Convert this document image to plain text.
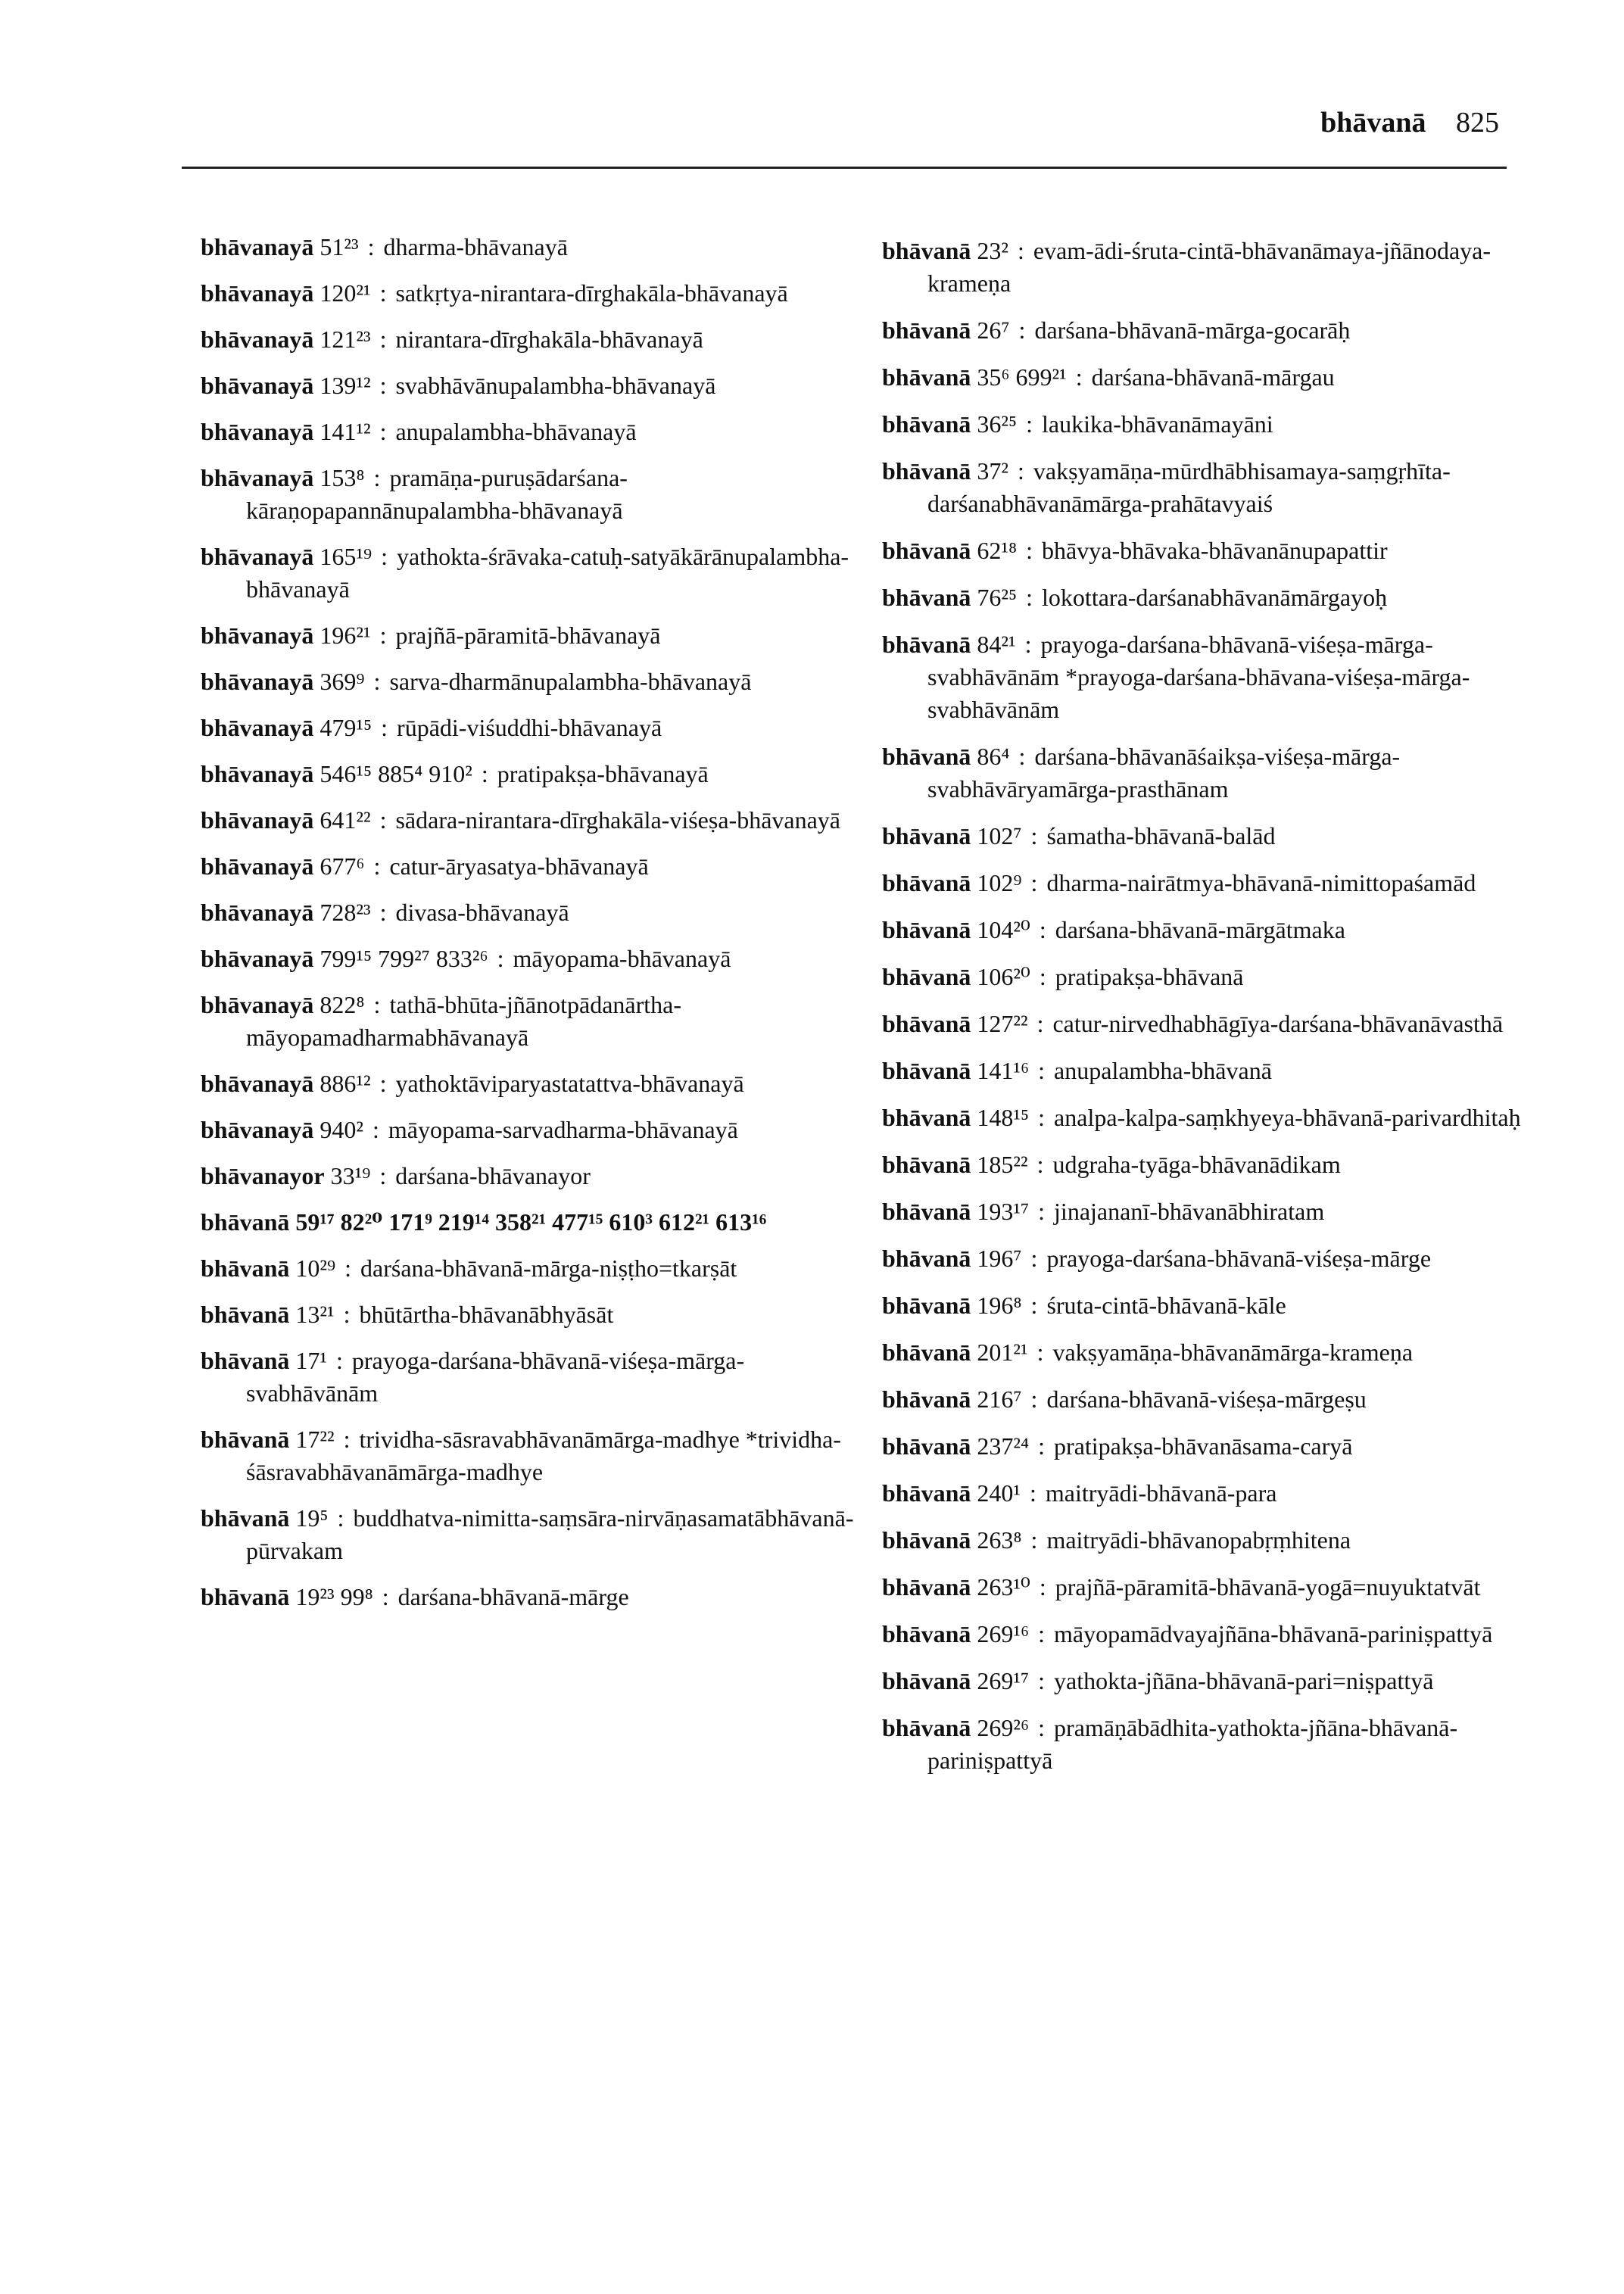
bhāvanā 825
bhāvanayā 51²³ : dharma-bhāvanayā
bhāvanayā 120²¹ : satkṛtya-nirantara-dīrghakāla-bhāvanayā
bhāvanayā 121²³ : nirantara-dīrghakāla-bhāvanayā
bhāvanayā 139¹² : svabhāvānupalambha-bhāvanayā
bhāvanayā 141¹² : anupalambha-bhāvanayā
bhāvanayā 153⁸ : pramāṇa-puruṣādarśana-kāraṇopapannānupalambha-bhāvanayā
bhāvanayā 165¹⁹ : yathokta-śrāvaka-catuḥ-satyākārānupalambha-bhāvanayā
bhāvanayā 196²¹ : prajñā-pāramitā-bhāvanayā
bhāvanayā 369⁹ : sarva-dharmānupalambha-bhāvanayā
bhāvanayā 479¹⁵ : rūpādi-viśuddhi-bhāvanayā
bhāvanayā 546¹⁵ 885⁴ 910² : pratipakṣa-bhāvanayā
bhāvanayā 641²² : sādara-nirantara-dīrghakāla-viśeṣa-bhāvanayā
bhāvanayā 677⁶ : catur-āryasatya-bhāvanayā
bhāvanayā 728²³ : divasa-bhāvanayā
bhāvanayā 799¹⁵ 799²⁷ 833²⁶ : māyopama-bhāvanayā
bhāvanayā 822⁸ : tathā-bhūta-jñānotpādanārtha-māyopamadharmabhāvanayā
bhāvanayā 886¹² : yathoktāviparyastatattva-bhāvanayā
bhāvanayā 940² : māyopama-sarvadharma-bhāvanayā
bhāvanayor 33¹⁹ : darśana-bhāvanayor
bhāvanā 59¹⁷ 82²⁰ 171⁹ 219¹⁴ 358²¹ 477¹⁵ 610³ 612²¹ 613¹⁶
bhāvanā 10²⁹ : darśana-bhāvanā-mārga-niṣṭho=tkarṣāt
bhāvanā 13²¹ : bhūtārtha-bhāvanābhyāsāt
bhāvanā 17¹ : prayoga-darśana-bhāvanā-viśeṣa-mārga-svabhāvānām
bhāvanā 17²² : trividha-sāsravabhāvanāmārga-madhye *trividha-śāsravabhāvanāmārga-madhye
bhāvanā 19⁵ : buddhatva-nimitta-saṃsāra-nirvāṇasamatābhāvanā-pūrvakam
bhāvanā 19²³ 99⁸ : darśana-bhāvanā-mārge
bhāvanā 23² : evam-ādi-śruta-cintā-bhāvanāmaya-jñānodaya-krameṇa
bhāvanā 26⁷ : darśana-bhāvanā-mārga-gocarāḥ
bhāvanā 35⁶ 699²¹ : darśana-bhāvanā-mārgau
bhāvanā 36²⁵ : laukika-bhāvanāmayāni
bhāvanā 37² : vakṣyamāṇa-mūrdhābhisamaya-saṃgṛhīta-darśanabhāvanāmārga-prahātavyaiś
bhāvanā 62¹⁸ : bhāvya-bhāvaka-bhāvanānupapattir
bhāvanā 76²⁵ : lokottara-darśanabhāvanāmārgayoḥ
bhāvanā 84²¹ : prayoga-darśana-bhāvanā-viśeṣa-mārga-svabhāvānām *prayoga-darśana-bhāvana-viśeṣa-mārga-svabhāvānām
bhāvanā 86⁴ : darśana-bhāvanāśaikṣa-viśeṣa-mārga-svabhāvāryamārga-prasthānam
bhāvanā 102⁷ : śamatha-bhāvanā-balād
bhāvanā 102⁹ : dharma-nairātmya-bhāvanā-nimittopaśamād
bhāvanā 104²⁰ : darśana-bhāvanā-mārgātmaka
bhāvanā 106²⁰ : pratipakṣa-bhāvanā
bhāvanā 127²² : catur-nirvedhabhāgīya-darśana-bhāvanāvasthā
bhāvanā 141¹⁶ : anupalambha-bhāvanā
bhāvanā 148¹⁵ : analpa-kalpa-saṃkhyeya-bhāvanā-parivardhitaḥ
bhāvanā 185²² : udgraha-tyāga-bhāvanādikam
bhāvanā 193¹⁷ : jinajananī-bhāvanābhiratam
bhāvanā 196⁷ : prayoga-darśana-bhāvanā-viśeṣa-mārge
bhāvanā 196⁸ : śruta-cintā-bhāvanā-kāle
bhāvanā 201²¹ : vakṣyamāṇa-bhāvanāmārga-krameṇa
bhāvanā 216⁷ : darśana-bhāvanā-viśeṣa-mārgeṣu
bhāvanā 237²⁴ : pratipakṣa-bhāvanāsama-caryā
bhāvanā 240¹ : maitryādi-bhāvanā-para
bhāvanā 263⁸ : maitryādi-bhāvanopabṛṃhitena
bhāvanā 263¹⁰ : prajñā-pāramitā-bhāvanā-yogā=nuyuktatvāt
bhāvanā 269¹⁶ : māyopamādvayajñāna-bhāvanā-pariniṣpattyā
bhāvanā 269¹⁷ : yathokta-jñāna-bhāvanā-pari=niṣpattyā
bhāvanā 269²⁶ : pramāṇābādhita-yathokta-jñāna-bhāvanā-pariniṣpattyā
